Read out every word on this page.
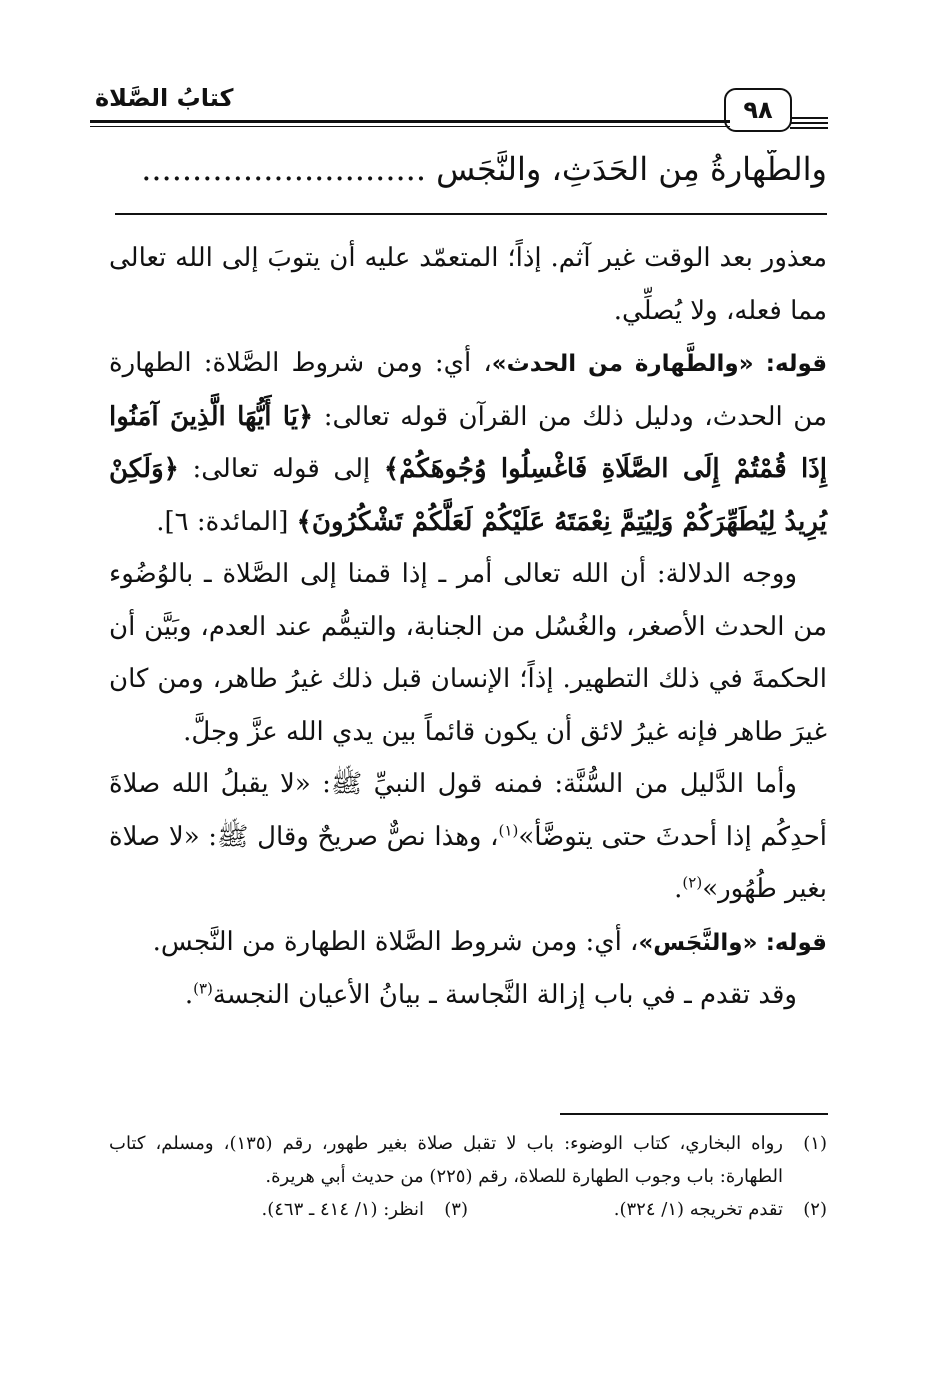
كتابُ الصَّلاة	٩٨
والطَّهارةُ مِن الحَدَثِ، والنَّجَسِ ............................

معذور بعد الوقت غير آثم. إذاً؛ المتعمّد عليه أن يتوبَ إلى الله تعالى مما فعله، ولا يُصلِّي.

قوله: «والطَّهارة من الحدث»، أي: ومن شروط الصَّلاة: الطهارة من الحدث، ودليل ذلك من القرآن قوله تعالى: ﴿يَا أَيُّهَا الَّذِينَ آمَنُوا إِذَا قُمْتُمْ إِلَى الصَّلَاةِ فَاغْسِلُوا وُجُوهَكُمْ﴾ إلى قوله تعالى: ﴿وَلَكِنْ يُرِيدُ لِيُطَهِّرَكُمْ وَلِيُتِمَّ نِعْمَتَهُ عَلَيْكُمْ لَعَلَّكُمْ تَشْكُرُونَ﴾ [المائدة: ٦].

ووجه الدلالة: أن الله تعالى أمر ـ إذا قمنا إلى الصَّلاة ـ بالوُضُوء من الحدث الأصغر، والغُسُل من الجنابة، والتيمُّم عند العدم، وبَيَّن أن الحكمةَ في ذلك التطهير. إذاً؛ الإنسان قبل ذلك غيرُ طاهر، ومن كان غيرَ طاهر فإنه غيرُ لائق أن يكون قائماً بين يدي الله عزَّ وجلَّ.

وأما الدَّليل من السُّنَّة: فمنه قول النبيِّ ﷺ: «لا يقبلُ الله صلاةَ أحدِكُم إذا أحدثَ حتى يتوضَّأ»$^{(١)}$، وهذا نصٌّ صريحٌ وقال ﷺ: «لا صلاة بغير طُهُور»$^{(٢)}$.

قوله: «والنَّجَس»، أي: ومن شروط الصَّلاة الطهارة من النَّجس.

وقد تقدم ـ في باب إزالة النَّجاسة ـ بيانُ الأعيان النجسة$^{(٣)}$.

(١)
رواه البخاري، كتاب الوضوء: باب لا تقبل صلاة بغير طهور، رقم (١٣٥)، ومسلم، كتاب الطهارة: باب وجوب الطهارة للصلاة، رقم (٢٢٥) من حديث أبي هريرة.
(٢)
تقدم تخريجه (١/ ٣٢٤).
(٣)
انظر: (١/ ٤١٤ ـ ٤٦٣).
